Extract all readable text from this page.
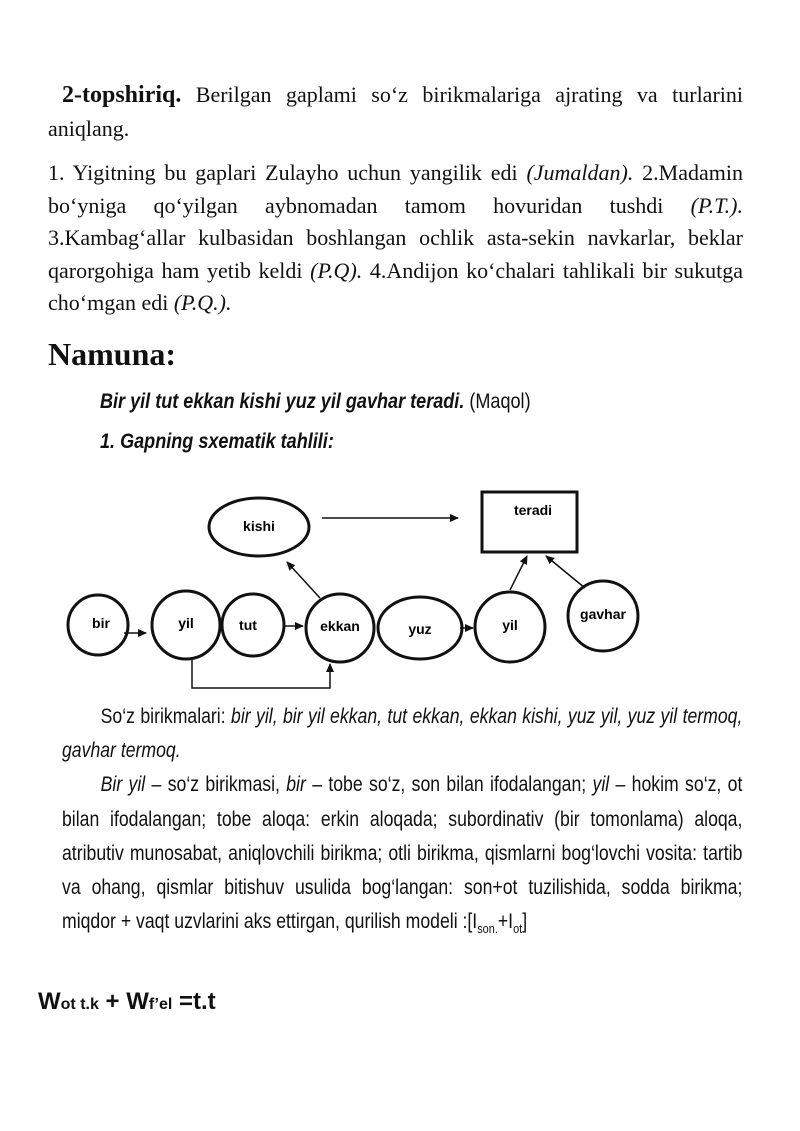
2-topshiriq. Berilgan gaplami so‘z birikmalariga ajrating va turlarini aniqlang.
1. Yigitning bu gaplari Zulayho uchun yangilik edi (Jumaldan). 2.Madamin bo‘yniga qo‘yilgan aybnomadan tamom hovuridan tushdi (P.T.). 3.Kambag‘allar kulbasidan boshlangan ochlik asta-sekin navkarlar, beklar qarorgohiga ham yetib keldi (P.Q). 4.Andijon ko‘chalari tahlikali bir sukutga cho‘mgan edi (P.Q.).
Namuna:
Bir yil tut ekkan kishi yuz yil gavhar teradi. (Maqol)
1. Gapning sxematik tahlili:
kishi
teradi
bir	yil	tut	ekkan	yuz	yil
gavhar

So‘z birikmalari: bir yil, bir yil ekkan, tut ekkan, ekkan kishi, yuz yil, yuz yil termoq, gavhar termoq.

Bir yil – so‘z birikmasi, bir – tobe so‘z, son bilan ifodalangan; yil – hokim so‘z, ot bilan ifodalangan; tobe aloqa: erkin aloqada; subordinativ (bir tomonlama) aloqa, atributiv munosabat, aniqlovchili birikma; otli birikma, qismlarni bog‘lovchi vosita: tartib va ohang, qismlar bitishuv usulida bog‘langan: son+ot tuzilishida, sodda birikma; miqdor + vaqt uzvlarini aks ettirgan, qurilish modeli $:[I_{son.}+I_{ot}]$

Wot t.k + Wf’el =t.t
